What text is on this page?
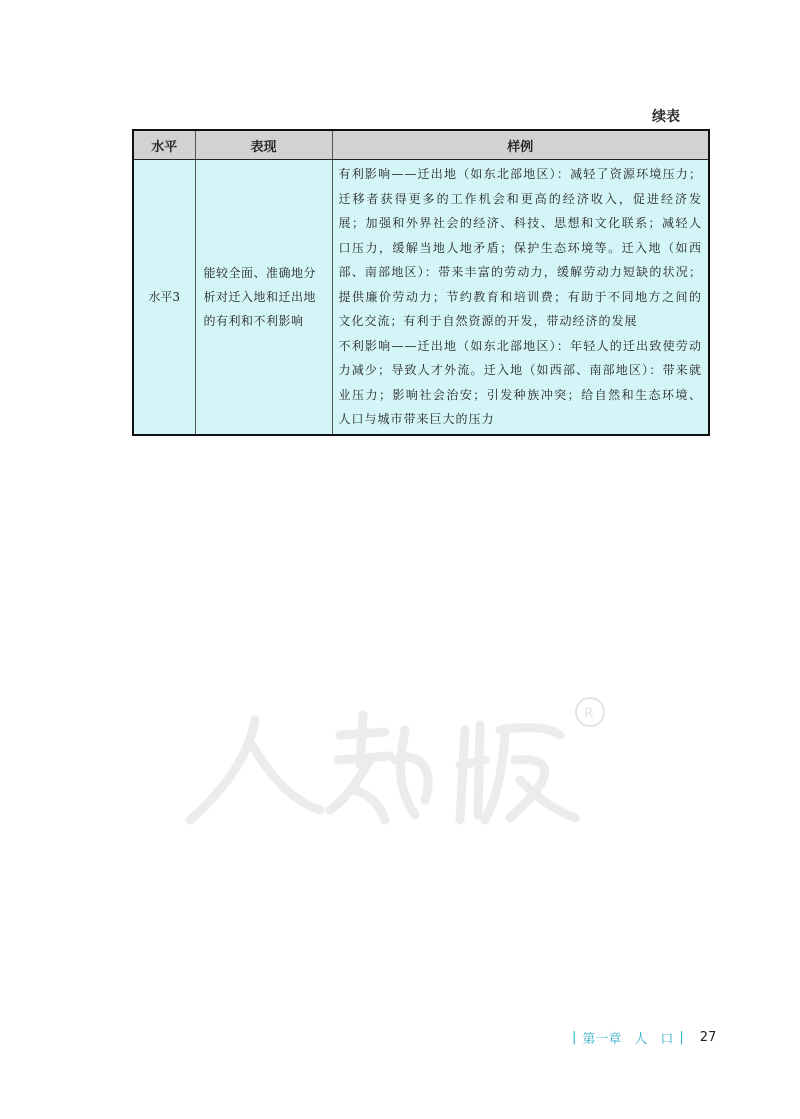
续表
水平	表现	样例
水平3	能较全面、准确地分析对迁入地和迁出地的有利和不利影响	有利影响——迁出地（如东北部地区）：减轻了资源环境压力；迁移者获得更多的工作机会和更高的经济收入，促进经济发展；加强和外界社会的经济、科技、思想和文化联系；减轻人口压力，缓解当地人地矛盾；保护生态环境等。迁入地（如西部、南部地区）：带来丰富的劳动力，缓解劳动力短缺的状况；提供廉价劳动力；节约教育和培训费；有助于不同地方之间的文化交流；有利于自然资源的开发，带动经济的发展
不利影响——迁出地（如东北部地区）：年轻人的迁出致使劳动力减少；导致人才外流。迁入地（如西部、南部地区）：带来就业压力；影响社会治安；引发种族冲突；给自然和生态环境、人口与城市带来巨大的压力
R
| 第一章　人　口 | 27
